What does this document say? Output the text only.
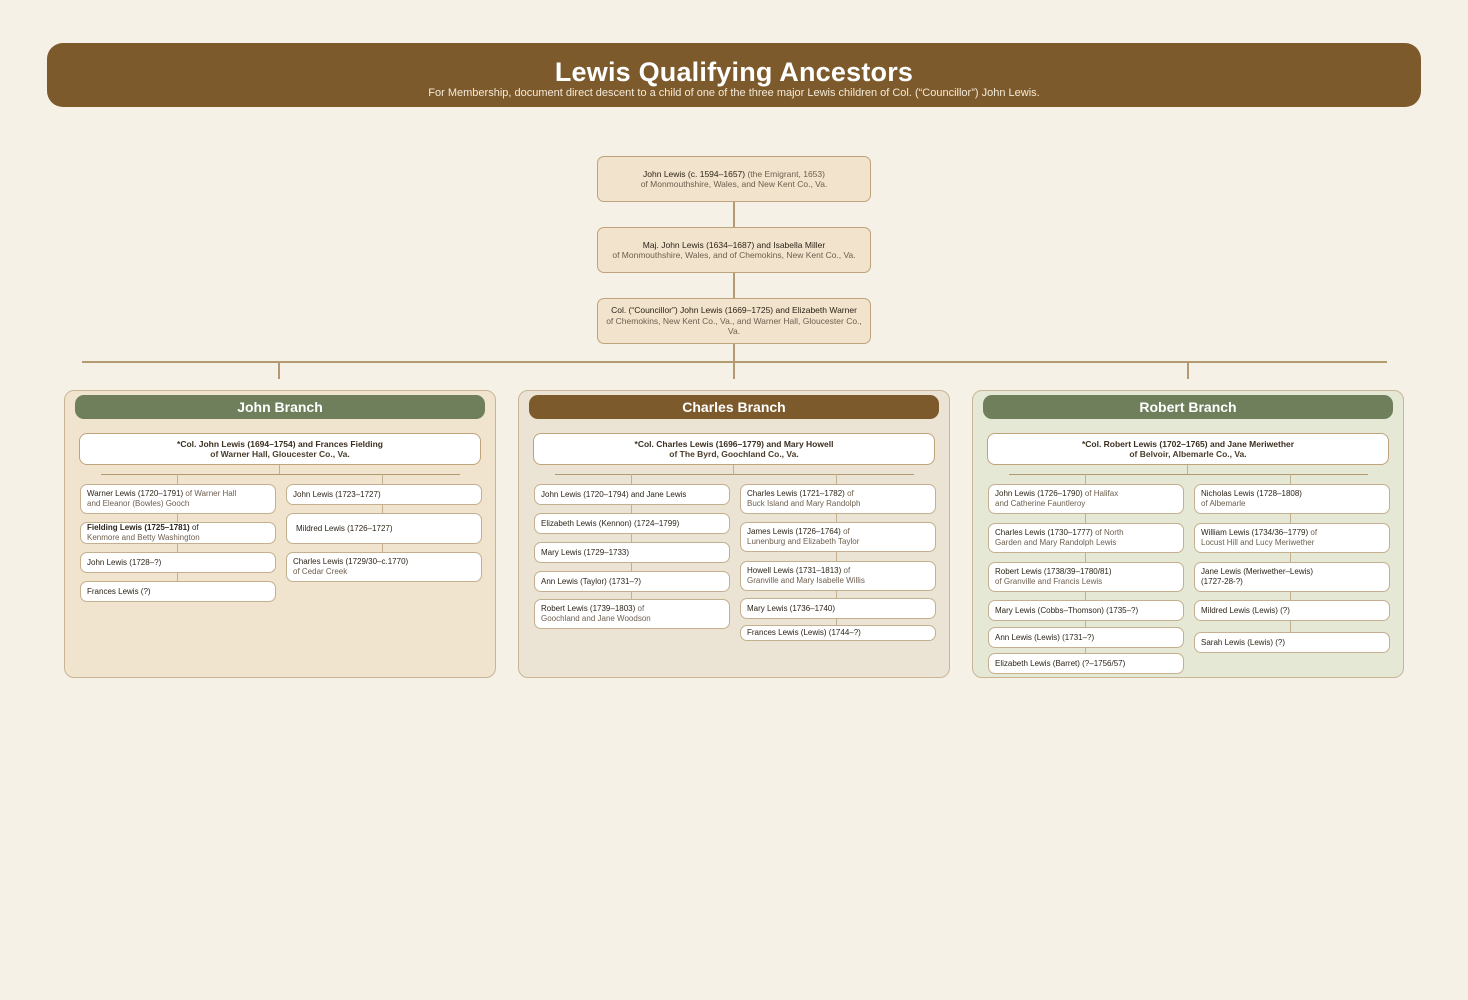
Lewis Qualifying Ancestors
For Membership, document direct descent to a child of one of the three major Lewis children of Col. (“Councillor”) John Lewis.
John Lewis (c. 1594–1657) (the Emigrant, 1653)
of Monmouthshire, Wales, and New Kent Co., Va.
Maj. John Lewis (1634–1687) and Isabella Miller
of Monmouthshire, Wales, and of Chemokins, New Kent Co., Va.
Col. (“Councillor”) John Lewis (1669–1725) and Elizabeth Warner
of Chemokins, New Kent Co., Va., and Warner Hall, Gloucester Co., Va.
John Branch
*Col. John Lewis (1694–1754) and Frances Fielding
of Warner Hall, Gloucester Co., Va.
Warner Lewis (1720–1791) of Warner Hall
and Eleanor (Bowles) Gooch
Fielding Lewis (1725–1781) of
Kenmore and Betty Washington
John Lewis (1728–?)
Frances Lewis (?)
John Lewis (1723–1727)
Mildred Lewis (1726–1727)
Charles Lewis (1729/30–c.1770)
of Cedar Creek
Charles Branch
*Col. Charles Lewis (1696–1779) and Mary Howell
of The Byrd, Goochland Co., Va.
John Lewis (1720–1794) and Jane Lewis
Elizabeth Lewis (Kennon) (1724–1799)
Mary Lewis (1729–1733)
Ann Lewis (Taylor) (1731–?)
Robert Lewis (1739–1803) of
Goochland and Jane Woodson
Charles Lewis (1721–1782) of
Buck Island and Mary Randolph
James Lewis (1726–1764) of
Lunenburg and Elizabeth Taylor
Howell Lewis (1731–1813) of
Granville and Mary Isabelle Willis
Mary Lewis (1736–1740)
Frances Lewis (Lewis) (1744–?)
Robert Branch
*Col. Robert Lewis (1702–1765) and Jane Meriwether
of Belvoir, Albemarle Co., Va.
John Lewis (1726–1790) of Halifax
and Catherine Fauntleroy
Charles Lewis (1730–1777) of North
Garden and Mary Randolph Lewis
Robert Lewis (1738/39–1780/81)
of Granville and Francis Lewis
Mary Lewis (Cobbs–Thomson) (1735–?)
Ann Lewis (Lewis) (1731–?)
Elizabeth Lewis (Barret) (?–1756/57)
Nicholas Lewis (1728–1808)
of Albemarle
William Lewis (1734/36–1779) of
Locust Hill and Lucy Meriwether
Jane Lewis (Meriwether–Lewis)
(1727-28-?)
Mildred Lewis (Lewis) (?)
Sarah Lewis (Lewis) (?)
